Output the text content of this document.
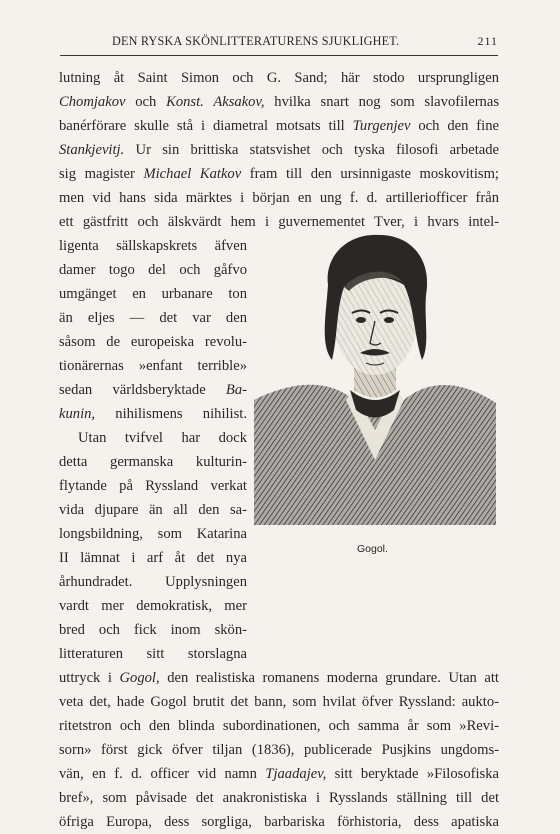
DEN RYSKA SKÖNLITTERATURENS SJUKLIGHET.	211
lutning åt Saint Simon och G. Sand; här stodo ursprungligen
Chomjakov och Konst. Aksakov, hvilka snart nog som slavofilernas
banérförare skulle stå i diametral motsats till Turgenjev och den fine
Stankjevitj. Ur sin brittiska statsvishet och tyska filosofi arbetade
sig magister Michael Katkov fram till den ursinnigaste moskovitism;
men vid hans sida märktes i början en ung f. d. artilleriofficer från
ett gästfritt och älskvärdt hem i guvernementet Tver, i hvars intel-
ligenta sällskapskrets äfven
damer togo del och gåfvo
umgänget en urbanare ton
än eljes — det var den
såsom de europeiska revolu-
tionärernas »enfant terrible»
sedan världsberyktade Ba-
kunin, nihilismens nihilist.
Utan tvifvel har dock
detta germanska kulturin-
flytande på Ryssland verkat
vida djupare än all den sa-
longsbildning, som Katarina
II lämnat i arf åt det nya
århundradet. Upplysningen
vardt mer demokratisk, mer
bred och fick inom skön-
litteraturen sitt storslagna
uttryck i Gogol, den realistiska romanens moderna grundare. Utan att
veta det, hade Gogol brutit det bann, som hvilat öfver Ryssland: aukto-
ritetstron och den blinda subordinationen, och samma år som »Revi-
sorn» först gick öfver tiljan (1836), publicerade Pusjkins ungdoms-
vän, en f. d. officer vid namn Tjaadajev, sitt beryktade »Filosofiska
bref», som påvisade det anakronistiska i Rysslands ställning till det
Gogol.
öfriga Europa, dess sorgliga, barbariska förhistoria, dess apatiska
